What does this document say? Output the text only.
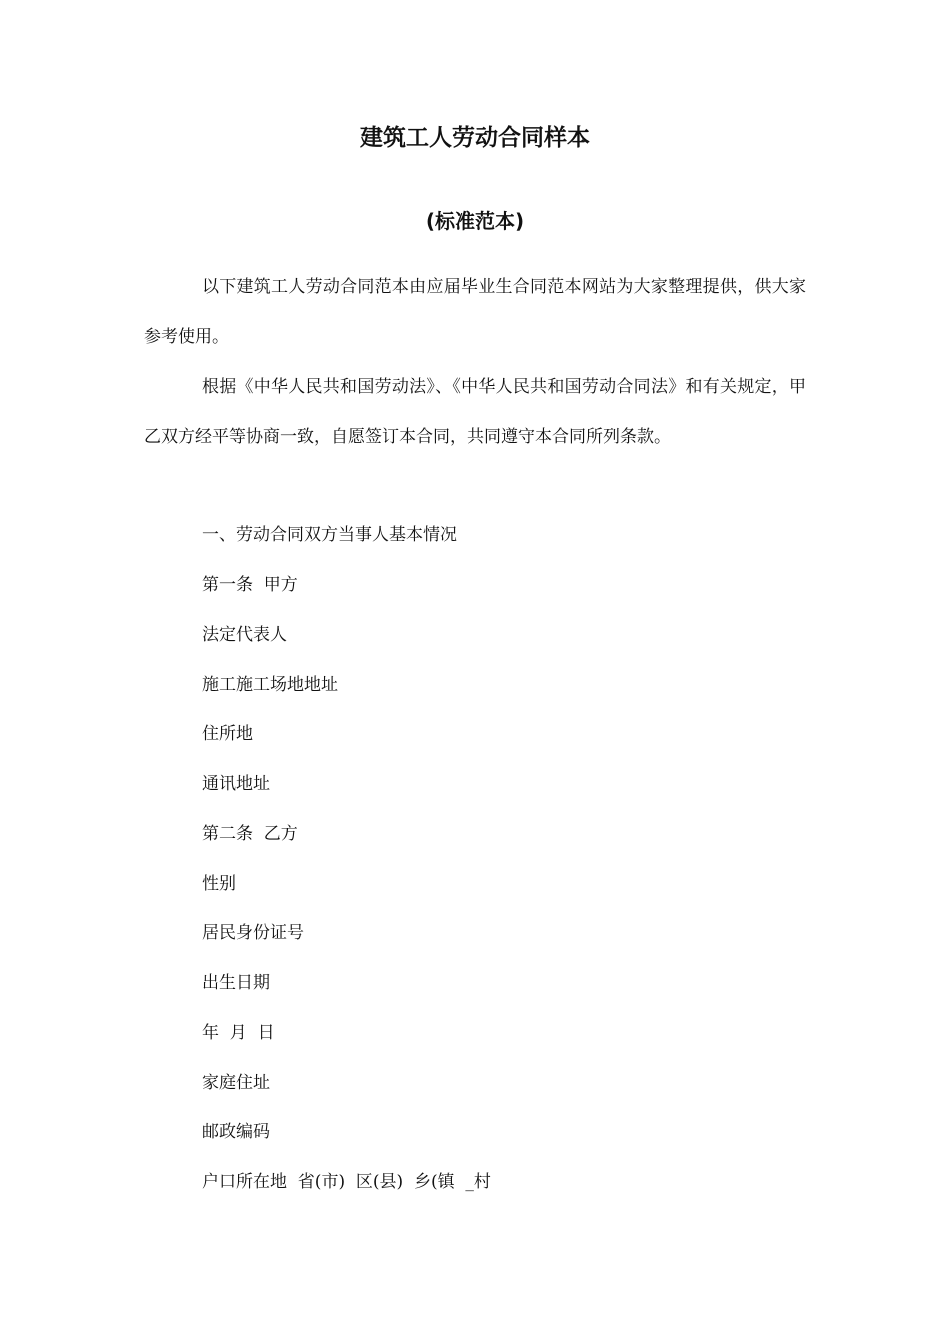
建筑工人劳动合同样本
(标准范本)

以下建筑工人劳动合同范本由应届毕业生合同范本网站为大家整理提供，供大家参考使用。

根据《中华人民共和国劳动法》、《中华人民共和国劳动合同法》和有关规定，甲乙双方经平等协商一致，自愿签订本合同，共同遵守本合同所列条款。

一、劳动合同双方当事人基本情况

第一条  甲方

法定代表人

施工施工场地地址

住所地

通讯地址

第二条  乙方

性别

居民身份证号

出生日期

年  月  日

家庭住址

邮政编码

户口所在地  省(市)  区(县)  乡(镇  _村
